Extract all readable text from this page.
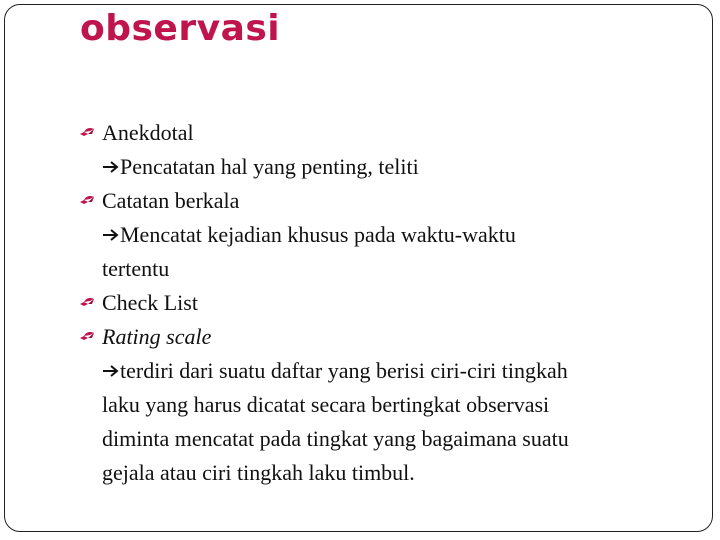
observasi
Anekdotal
Pencatatan hal yang penting, teliti
Catatan berkala
Mencatat kejadian khusus pada waktu-waktu
tertentu
Check List
Rating scale
terdiri dari suatu daftar yang berisi ciri-ciri tingkah
laku yang harus dicatat secara bertingkat observasi
diminta mencatat pada tingkat yang bagaimana suatu
gejala atau ciri tingkah laku timbul.
